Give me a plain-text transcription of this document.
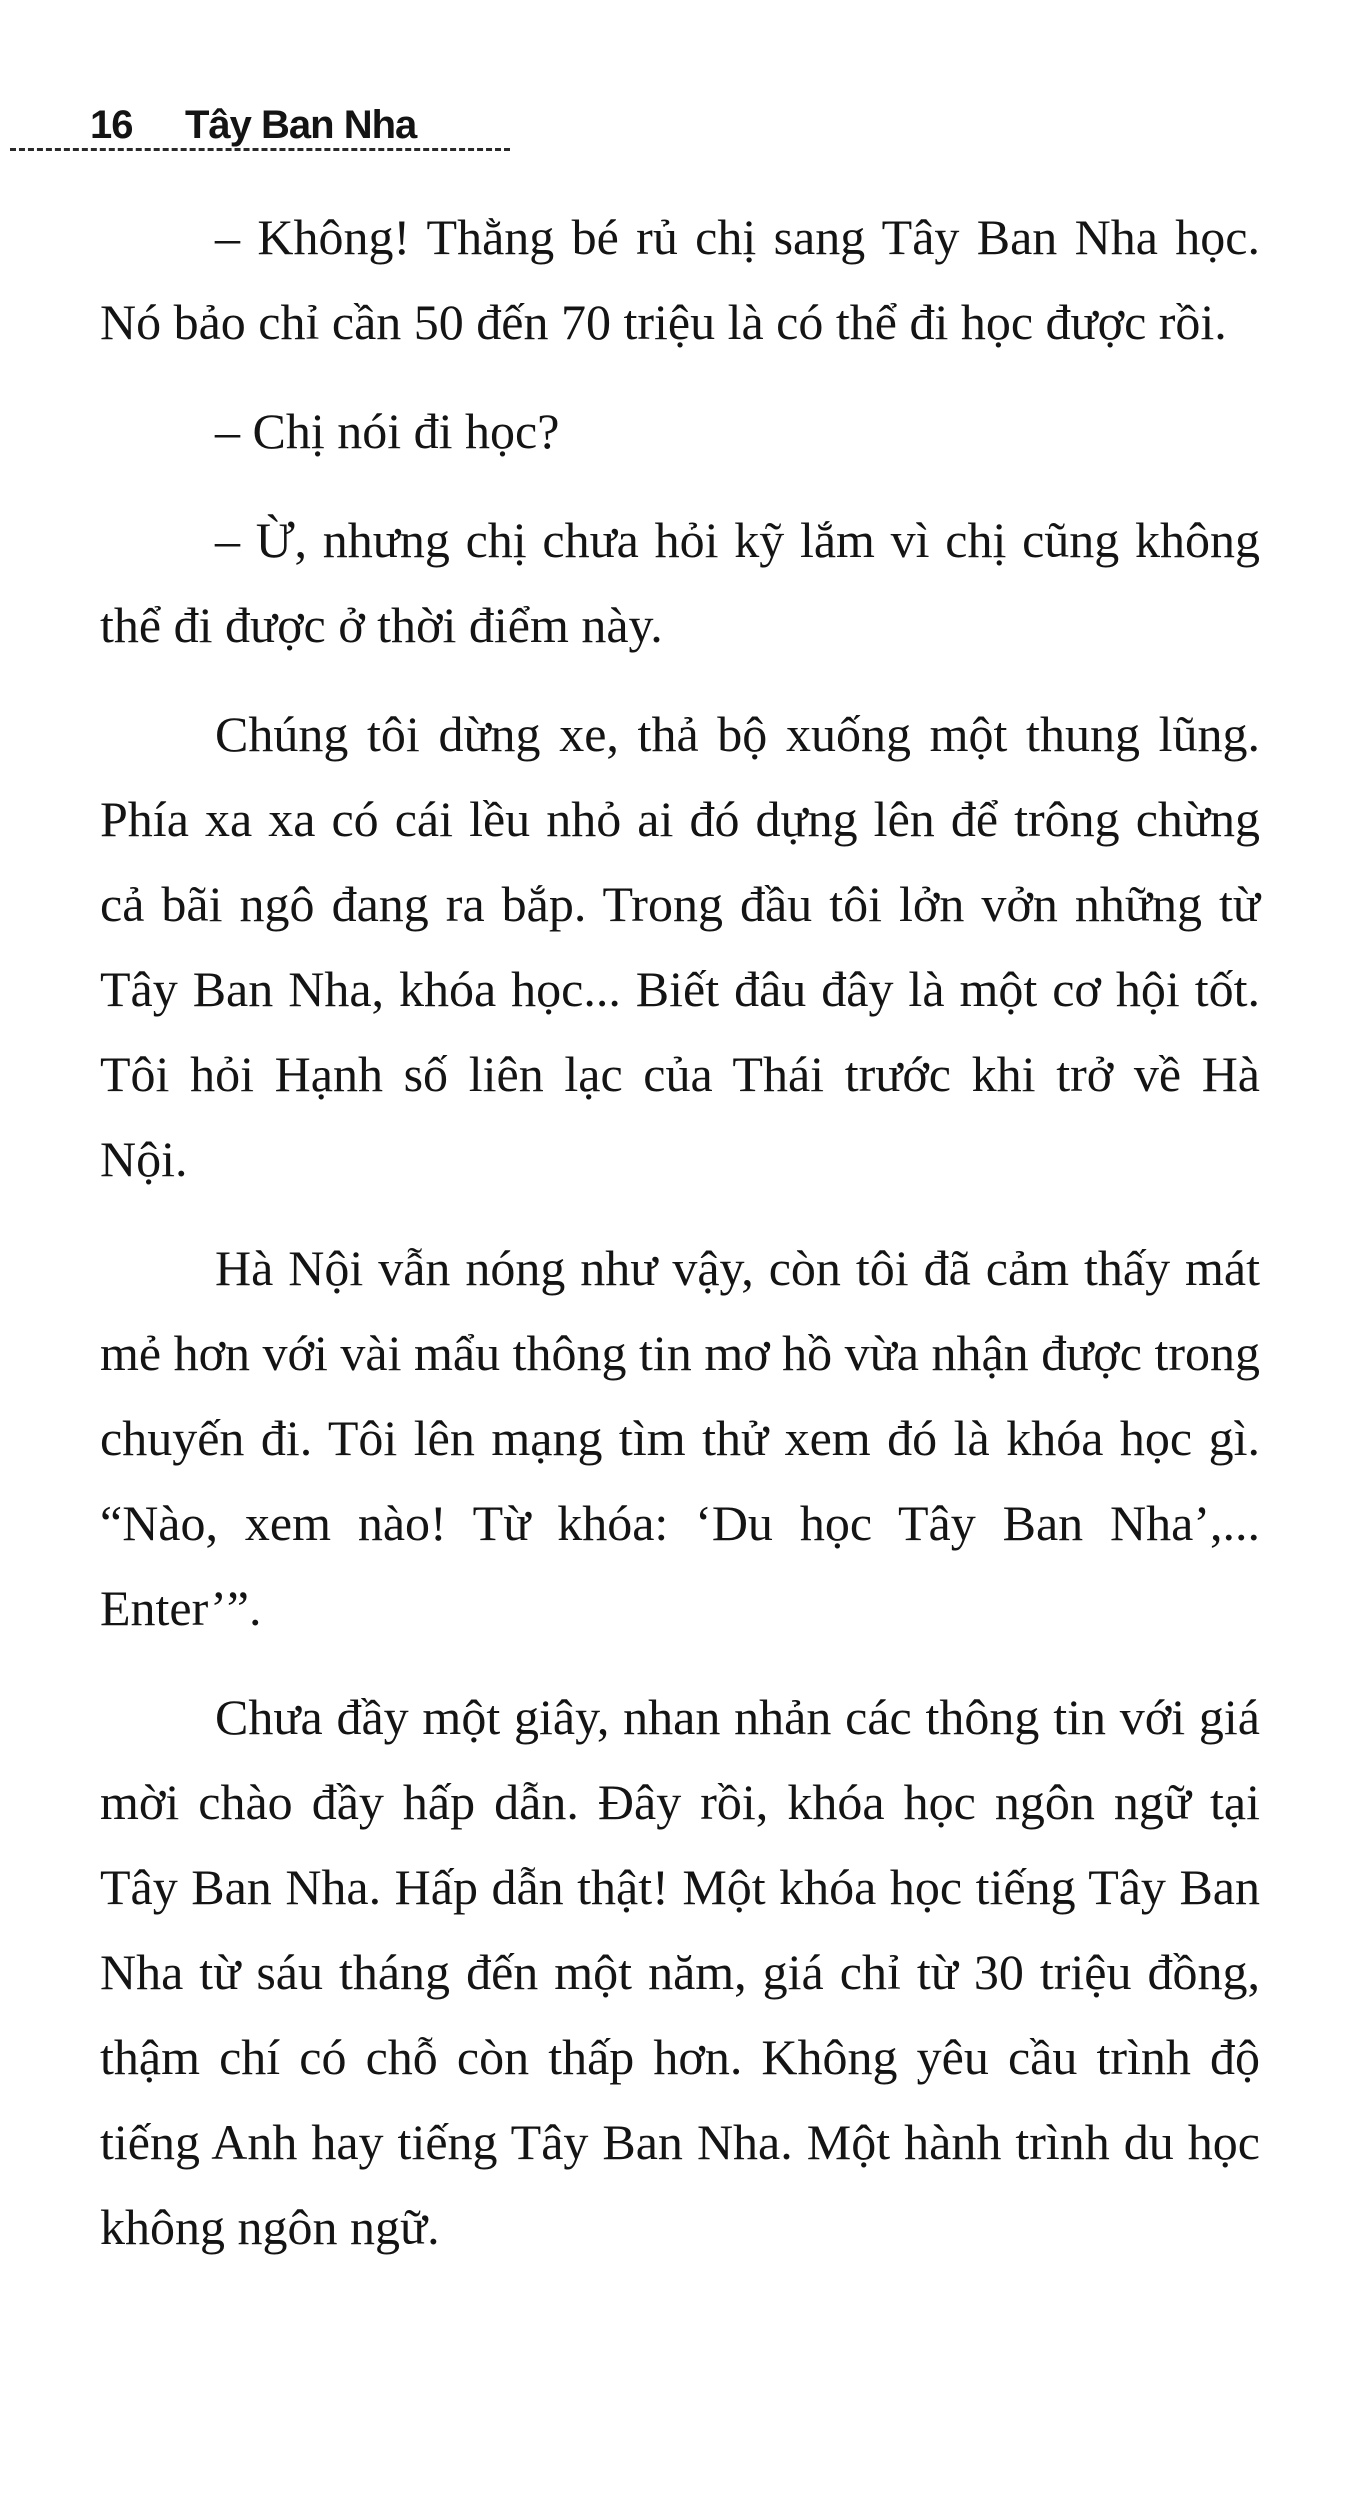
16	Tây Ban Nha

– Không! Thằng bé rủ chị sang Tây Ban Nha học. Nó bảo chỉ cần 50 đến 70 triệu là có thể đi học được rồi.

– Chị nói đi học?

– Ừ, nhưng chị chưa hỏi kỹ lắm vì chị cũng không thể đi được ở thời điểm này.

Chúng tôi dừng xe, thả bộ xuống một thung lũng. Phía xa xa có cái lều nhỏ ai đó dựng lên để trông chừng cả bãi ngô đang ra bắp. Trong đầu tôi lởn vởn những từ Tây Ban Nha, khóa học... Biết đâu đây là một cơ hội tốt. Tôi hỏi Hạnh số liên lạc của Thái trước khi trở về Hà Nội.

Hà Nội vẫn nóng như vậy, còn tôi đã cảm thấy mát mẻ hơn với vài mẩu thông tin mơ hồ vừa nhận được trong chuyến đi. Tôi lên mạng tìm thử xem đó là khóa học gì. “Nào, xem nào! Từ khóa: ‘Du học Tây Ban Nha’,... Enter’”.

Chưa đầy một giây, nhan nhản các thông tin với giá mời chào đầy hấp dẫn. Đây rồi, khóa học ngôn ngữ tại Tây Ban Nha. Hấp dẫn thật! Một khóa học tiếng Tây Ban Nha từ sáu tháng đến một năm, giá chỉ từ 30 triệu đồng, thậm chí có chỗ còn thấp hơn. Không yêu cầu trình độ tiếng Anh hay tiếng Tây Ban Nha. Một hành trình du học không ngôn ngữ.
